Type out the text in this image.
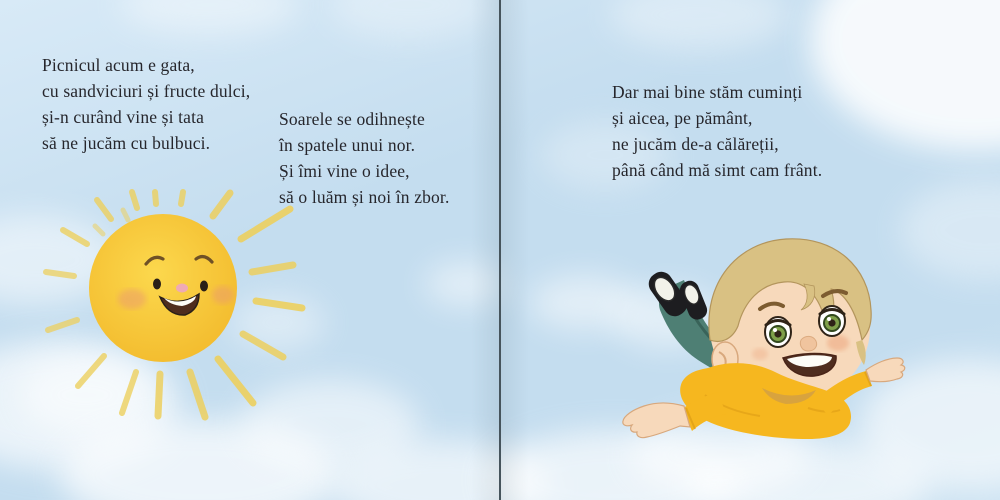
Picnicul acum e gata,
cu sandviciuri și fructe dulci,
și-n curând vine și tata
să ne jucăm cu bulbuci.
Soarele se odihnește
în spatele unui nor.
Și îmi vine o idee,
să o luăm și noi în zbor.
Dar mai bine stăm cuminți
și aicea, pe pământ,
ne jucăm de-a călăreții,
până când mă simt cam frânt.
